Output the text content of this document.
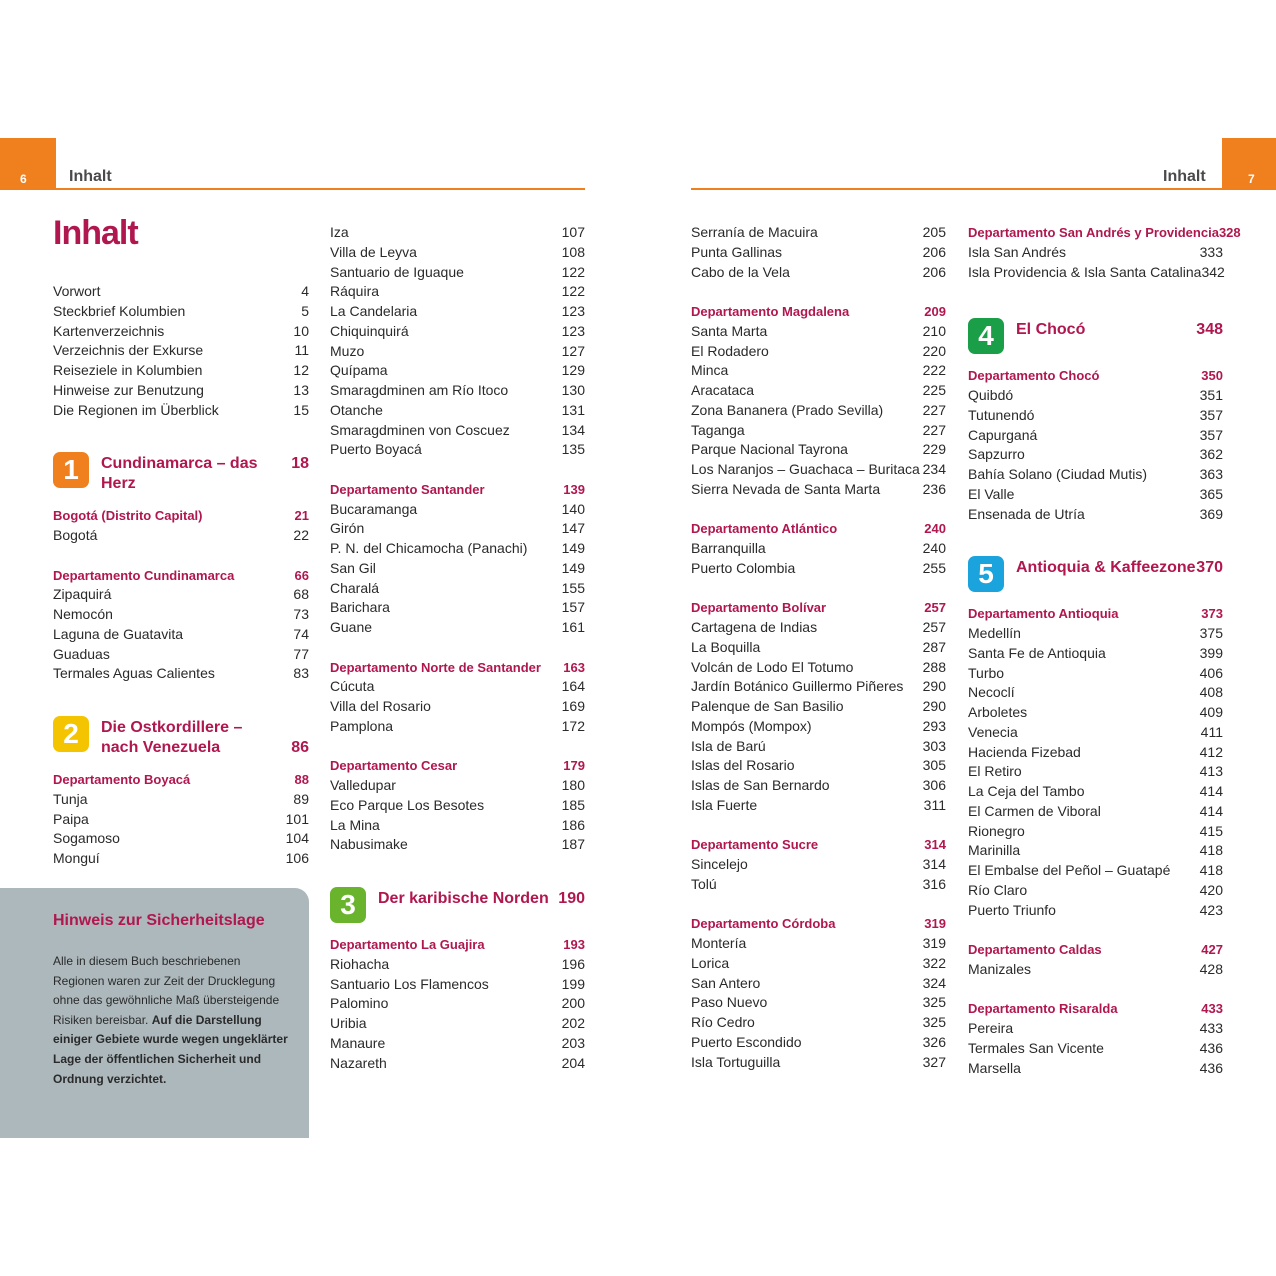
6	Inhalt	7
Inhalt
Inhalt
Vorwort	4
Steckbrief Kolumbien	5
Kartenverzeichnis	10
Verzeichnis der Exkurse	11
Reiseziele in Kolumbien	12
Hinweise zur Benutzung	13
Die Regionen im Überblick	15
1	Cundinamarca – das Herz
18
Bogotá (Distrito Capital)	21
Bogotá	22
Departamento Cundinamarca	66
Zipaquirá	68
Nemocón	73
Laguna de Guatavita	74
Guaduas	77
Termales Aguas Calientes	83
2	Die Ostkordillere –
nach Venezuela	86
Departamento Boyacá	88
Tunja	89
Paipa	101
Sogamoso	104
Monguí	106
Hinweis zur Sicherheitslage
Alle in diesem Buch beschriebenen Regionen waren zur Zeit der Drucklegung ohne das gewöhnliche Maß übersteigende Risiken bereisbar. Auf die Darstellung einiger Gebiete wurde wegen ungeklärter Lage der öffentlichen Sicherheit und Ordnung verzichtet.
Iza	107
Villa de Leyva	108
Santuario de Iguaque	122
Ráquira	122
La Candelaria	123
Chiquinquirá	123
Muzo	127
Quípama	129
Smaragdminen am Río Itoco	130
Otanche	131
Smaragdminen von Coscuez	134
Puerto Boyacá	135
Departamento Santander	139
Bucaramanga	140
Girón	147
P. N. del Chicamocha (Panachi) 149
San Gil	149
Charalá	155
Barichara	157
Guane	161
Departamento Norte de Santander 163
Cúcuta	164
Villa del Rosario	169
Pamplona	172
Departamento Cesar	179
Valledupar	180
Eco Parque Los Besotes	185
La Mina	186
Nabusimake	187
3	Der karibische Norden 190
Departamento La Guajira	193
Riohacha	196
Santuario Los Flamencos	199
Palomino	200
Uribia	202
Manaure	203
Nazareth	204
Serranía de Macuira	205
Punta Gallinas	206
Cabo de la Vela	206
Departamento Magdalena	209
Santa Marta	210
El Rodadero	220
Minca	222
Aracataca	225
Zona Bananera (Prado Sevilla)	227
Taganga	227
Parque Nacional Tayrona	229
Los Naranjos – Guachaca – Buritaca 234
Sierra Nevada de Santa Marta	236
Departamento Atlántico	240
Barranquilla	240
Puerto Colombia	255
Departamento Bolívar	257
Cartagena de Indias	257
La Boquilla	287
Volcán de Lodo El Totumo	288
Jardín Botánico Guillermo Piñeres 290
Palenque de San Basilio	290
Mompós (Mompox)	293
Isla de Barú	303
Islas del Rosario	305
Islas de San Bernardo	306
Isla Fuerte	311
Departamento Sucre	314
Sincelejo	314
Tolú	316
Departamento Córdoba	319
Montería	319
Lorica	322
San Antero	324
Paso Nuevo	325
Río Cedro	325
Puerto Escondido	326
Isla Tortuguilla	327
Departamento San Andrés y Providencia 328
Isla San Andrés	333
Isla Providencia & Isla Santa Catalina 342
4	El Chocó	348
Departamento Chocó	350
Quibdó	351
Tutunendó	357
Capurganá	357
Sapzurro	362
Bahía Solano (Ciudad Mutis)	363
El Valle	365
Ensenada de Utría	369
5	Antioquia & Kaffeezone 370
Departamento Antioquia	373
Medellín	375
Santa Fe de Antioquia	399
Turbo	406
Necoclí	408
Arboletes	409
Venecia	411
Hacienda Fizebad	412
El Retiro	413
La Ceja del Tambo	414
El Carmen de Viboral	414
Rionegro	415
Marinilla	418
El Embalse del Peñol – Guatapé 418
Río Claro	420
Puerto Triunfo	423
Departamento Caldas	427
Manizales	428
Departamento Risaralda	433
Pereira	433
Termales San Vicente	436
Marsella	436
